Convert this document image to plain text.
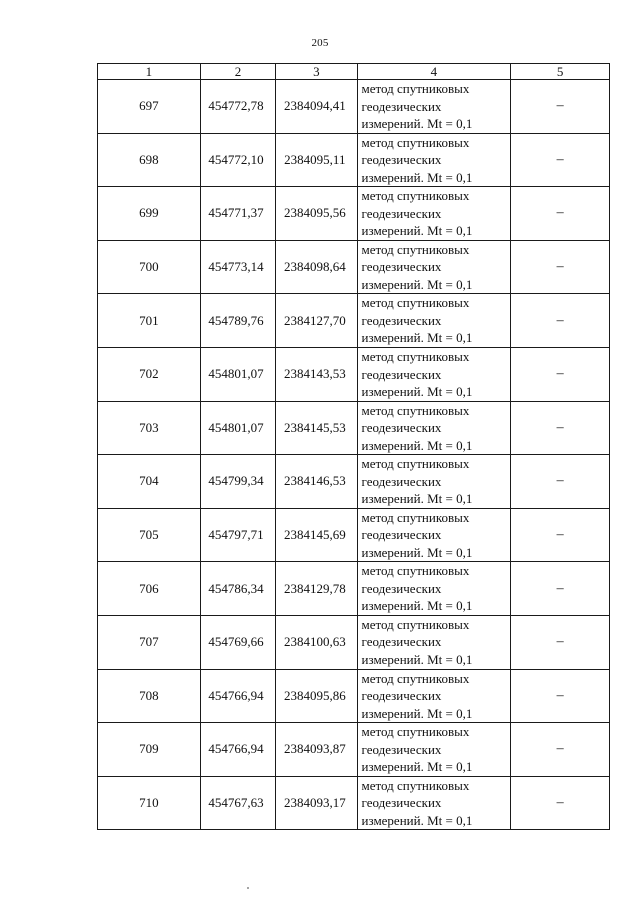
205
1	2	3	4	5
697	454772,78	2384094,41	метод спутниковых
геодезических
измерений. Mt = 0,1	–
698	454772,10	2384095,11	метод спутниковых
геодезических
измерений. Mt = 0,1	–
699	454771,37	2384095,56	метод спутниковых
геодезических
измерений. Mt = 0,1	–
700	454773,14	2384098,64	метод спутниковых
геодезических
измерений. Mt = 0,1	–
701	454789,76	2384127,70	метод спутниковых
геодезических
измерений. Mt = 0,1	–
702	454801,07	2384143,53	метод спутниковых
геодезических
измерений. Mt = 0,1	–
703	454801,07	2384145,53	метод спутниковых
геодезических
измерений. Mt = 0,1	–
704	454799,34	2384146,53	метод спутниковых
геодезических
измерений. Mt = 0,1	–
705	454797,71	2384145,69	метод спутниковых
геодезических
измерений. Mt = 0,1	–
706	454786,34	2384129,78	метод спутниковых
геодезических
измерений. Mt = 0,1	–
707	454769,66	2384100,63	метод спутниковых
геодезических
измерений. Mt = 0,1	–
708	454766,94	2384095,86	метод спутниковых
геодезических
измерений. Mt = 0,1	–
709	454766,94	2384093,87	метод спутниковых
геодезических
измерений. Mt = 0,1	–
710	454767,63	2384093,17	метод спутниковых
геодезических
измерений. Mt = 0,1	–
